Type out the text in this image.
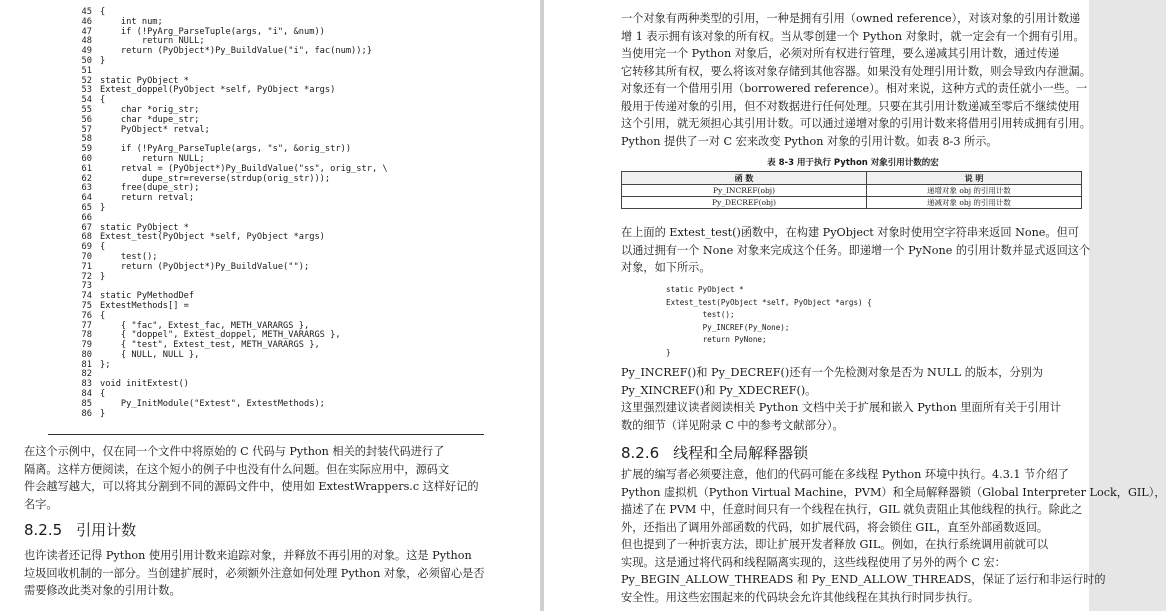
45 {
46 int num;
47 if (!PyArg_ParseTuple(args, "i", &num))
48 return NULL;
49 return (PyObject*)Py_BuildValue("i", fac(num));}
50 }
51
52 static PyObject *
53 Extest_doppel(PyObject *self, PyObject *args)
54 {
55 char *orig_str;
56 char *dupe_str;
57 PyObject* retval;
58
59 if (!PyArg_ParseTuple(args, "s", &orig_str))
60 return NULL;
61 retval = (PyObject*)Py_BuildValue("ss", orig_str, \
62 dupe_str=reverse(strdup(orig_str)));
63 free(dupe_str);
64 return retval;
65 }
66
67 static PyObject *
68 Extest_test(PyObject *self, PyObject *args)
69 {
70 test();
71 return (PyObject*)Py_BuildValue("");
72 }
73
74 static PyMethodDef
75 ExtestMethods[] =
76 {
77 { "fac", Extest_fac, METH_VARARGS },
78 { "doppel", Extest_doppel, METH_VARARGS },
79 { "test", Extest_test, METH_VARARGS },
80 { NULL, NULL },
81 };
82
83 void initExtest()
84 {
85 Py_InitModule("Extest", ExtestMethods);
86 }
在这个示例中，仅在同一个文件中将原始的 C 代码与 Python 相关的封装代码进行了
隔离。这样方便阅读，在这个短小的例子中也没有什么问题。但在实际应用中，源码文
件会越写越大，可以将其分割到不同的源码文件中，使用如 ExtestWrappers.c 这样好记的
名字。
8.2.5 引用计数
也许读者还记得 Python 使用引用计数来追踪对象，并释放不再引用的对象。这是 Python
垃圾回收机制的一部分。当创建扩展时，必须额外注意如何处理 Python 对象，必须留心是否
需要修改此类对象的引用计数。
一个对象有两种类型的引用，一种是拥有引用（owned reference），对该对象的引用计数递
增 1 表示拥有该对象的所有权。当从零创建一个 Python 对象时，就一定会有一个拥有引用。
当使用完一个 Python 对象后，必须对所有权进行管理，要么递减其引用计数，通过传递
它转移其所有权，要么将该对象存储到其他容器。如果没有处理引用计数，则会导致内存泄漏。
对象还有一个借用引用（borrowered reference）。相对来说，这种方式的责任就小一些。一
般用于传递对象的引用，但不对数据进行任何处理。只要在其引用计数递减至零后不继续使用
这个引用，就无须担心其引用计数。可以通过递增对象的引用计数来将借用引用转成拥有引用。
Python 提供了一对 C 宏来改变 Python 对象的引用计数。如表 8-3 所示。
表 8-3 用于执行 Python 对象引用计数的宏
函 数	说 明
Py_INCREF(obj)	递增对象 obj 的引用计数
Py_DECREF(obj)	递减对象 obj 的引用计数
在上面的 Extest_test()函数中，在构建 PyObject 对象时使用空字符串来返回 None。但可
以通过拥有一个 None 对象来完成这个任务。即递增一个 PyNone 的引用计数并显式返回这个
对象，如下所示。
static PyObject *
Extest_test(PyObject *self, PyObject *args) {
test();
Py_INCREF(Py_None);
return PyNone;
}
Py_INCREF()和 Py_DECREF()还有一个先检测对象是否为 NULL 的版本，分别为
Py_XINCREF()和 Py_XDECREF()。
这里强烈建议读者阅读相关 Python 文档中关于扩展和嵌入 Python 里面所有关于引用计
数的细节（详见附录 C 中的参考文献部分）。
8.2.6 线程和全局解释器锁
扩展的编写者必须要注意，他们的代码可能在多线程 Python 环境中执行。4.3.1 节介绍了
Python 虚拟机（Python Virtual Machine，PVM）和全局解释器锁（Global Interpreter Lock，GIL），
描述了在 PVM 中，任意时间只有一个线程在执行，GIL 就负责阻止其他线程的执行。除此之
外，还指出了调用外部函数的代码，如扩展代码，将会锁住 GIL，直至外部函数返回。
但也提到了一种折衷方法，即让扩展开发者释放 GIL。例如，在执行系统调用前就可以
实现。这是通过将代码和线程隔离实现的，这些线程使用了另外的两个 C 宏：
Py_BEGIN_ALLOW_THREADS 和 Py_END_ALLOW_THREADS，保证了运行和非运行时的
安全性。用这些宏围起来的代码块会允许其他线程在其执行时同步执行。
